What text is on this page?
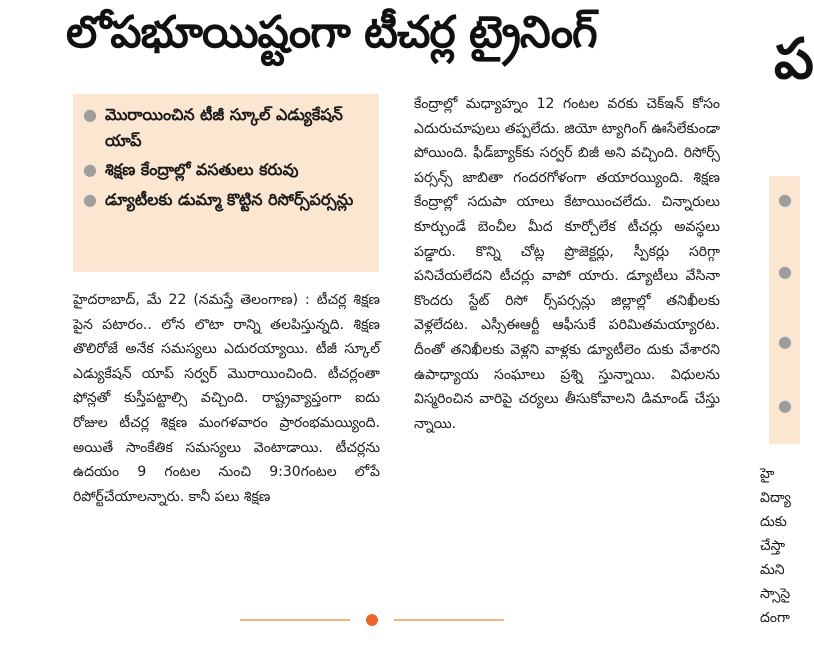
లోపభూయిష్టంగా టీచర్ల ట్రైనింగ్	ప
● మొరాయించిన టీజీ స్కూల్ ఎడ్యుకేషన్ యాప్
● శిక్షణ కేంద్రాల్లో వసతులు కరువు
● డ్యూటీలకు డుమ్మా కొట్టిన రిసోర్స్‌పర్సన్లు
హైదరాబాద్, మే 22 (నమస్తే తెలంగాణ) : టీచర్ల శిక్షణ పైన పటారం.. లోన లొటా రాన్ని తలపిస్తున్నది. శిక్షణ తొలిరోజే అనేక సమస్యలు ఎదురయ్యాయి. టీజీ స్కూల్ ఎడ్యుకేషన్ యాప్ సర్వర్ మొరాయించింది. టీచర్లంతా ఫోన్లతో కుస్తీపట్టాల్సి వచ్చింది. రాష్ట్రవ్యాప్తంగా ఐదు రోజుల టీచర్ల శిక్షణ మంగళవారం ప్రారంభమయ్యింది. అయితే సాంకేతిక సమస్యలు వెంటాడాయి. టీచర్లను ఉదయం 9 గంటల నుంచి 9:30గంటల లోపే రిపోర్ట్‌చేయాలన్నారు. కానీ పలు శిక్షణ
కేంద్రాల్లో మధ్యాహ్నం 12 గంటల వరకు చెక్‌ఇన్ కోసం ఎదురుచూపులు తప్పలేదు. జియో ట్యాగింగ్ ఊసేలేకుండా పోయింది. ఫీడ్‌బ్యాక్‌కు సర్వర్ బిజీ అని వచ్చింది. రిసోర్స్ పర్సన్స్ జాబితా గందరగోళంగా తయారయ్యింది. శిక్షణ కేంద్రాల్లో సదుపా యాలు కేటాయించలేదు. చిన్నారులు కూర్చుండే బెంచీల మీద కూర్చోలేక టీచర్లు అవస్థలు పడ్డారు. కొన్ని చోట్ల ప్రొజెక్టర్లు, స్పీకర్లు సరిగ్గా పనిచేయలేదని టీచర్లు వాపో యారు. డ్యూటీలు వేసినా కొందరు స్టేట్ రిసో ర్స్‌పర్సన్లు జిల్లాల్లో తనిఖీలకు వెళ్లలేదట. ఎస్సీఈఆర్టీ ఆఫీసుకే పరిమితమయ్యారట. దీంతో తనిఖీలకు వెళ్లని వాళ్లకు డ్యూటీలెం దుకు వేశారని ఉపాధ్యాయ సంఘాలు ప్రశ్ని స్తున్నాయి. విధులను విస్మరించిన వారిపై చర్యలు తీసుకోవాలని డిమాండ్ చేస్తు న్నాయి.
●
●
●
●
హై
విద్యా
దుకు
చేస్తా
మని
స్సాసై
దంగా
